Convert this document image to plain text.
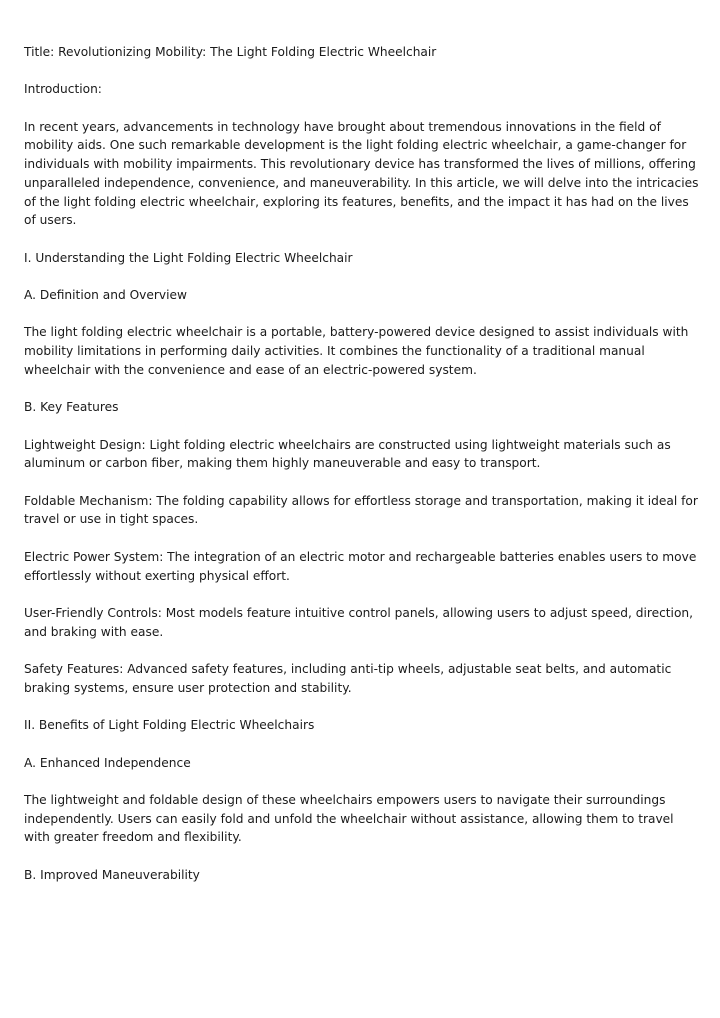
Title: Revolutionizing Mobility: The Light Folding Electric Wheelchair

Introduction:

In recent years, advancements in technology have brought about tremendous innovations in the field of mobility aids. One such remarkable development is the light folding electric wheelchair, a game-changer for individuals with mobility impairments. This revolutionary device has transformed the lives of millions, offering unparalleled independence, convenience, and maneuverability. In this article, we will delve into the intricacies of the light folding electric wheelchair, exploring its features, benefits, and the impact it has had on the lives of users.

I. Understanding the Light Folding Electric Wheelchair

A. Definition and Overview

The light folding electric wheelchair is a portable, battery-powered device designed to assist individuals with mobility limitations in performing daily activities. It combines the functionality of a traditional manual wheelchair with the convenience and ease of an electric-powered system.

B. Key Features

Lightweight Design: Light folding electric wheelchairs are constructed using lightweight materials such as aluminum or carbon fiber, making them highly maneuverable and easy to transport.

Foldable Mechanism: The folding capability allows for effortless storage and transportation, making it ideal for travel or use in tight spaces.

Electric Power System: The integration of an electric motor and rechargeable batteries enables users to move effortlessly without exerting physical effort.

User-Friendly Controls: Most models feature intuitive control panels, allowing users to adjust speed, direction, and braking with ease.

Safety Features: Advanced safety features, including anti-tip wheels, adjustable seat belts, and automatic braking systems, ensure user protection and stability.

II. Benefits of Light Folding Electric Wheelchairs

A. Enhanced Independence

The lightweight and foldable design of these wheelchairs empowers users to navigate their surroundings independently. Users can easily fold and unfold the wheelchair without assistance, allowing them to travel with greater freedom and flexibility.

B. Improved Maneuverability
